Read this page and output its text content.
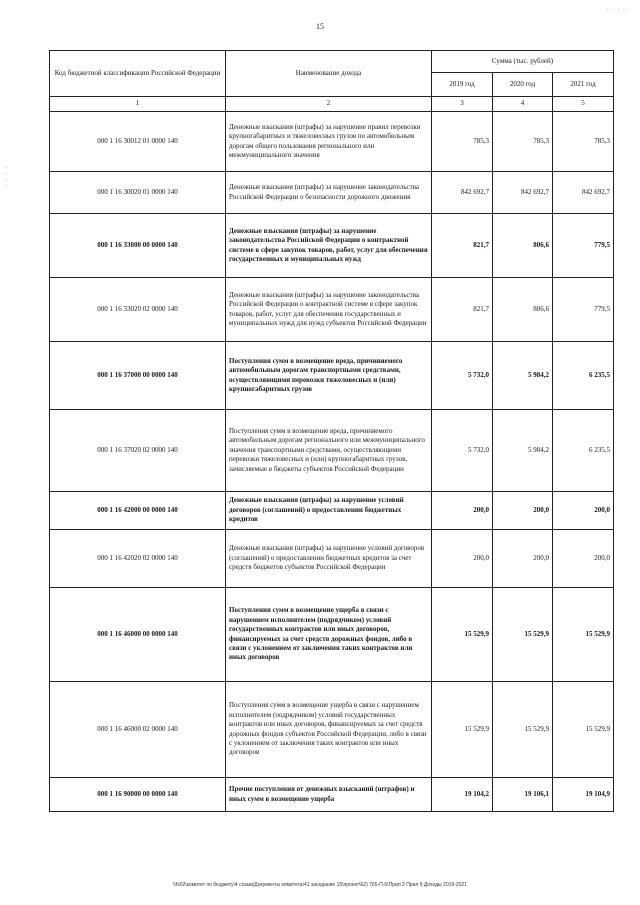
. . . .
·
·
·
·
15
Код бюджетной классификации Российской Федерации	Наименование дохода	Сумма (тыс. рублей)		
		2019 год	2020 год	2021 год
1	2	3	4	5
000 1 16 30012 01 0000 140	Денежные взыскания (штрафы) за нарушение правил перевозки крупногабаритных и тяжеловесных грузов по автомобильным дорогам общего пользования регионального или межмуниципального значения	785,3	785,3	785,3
000 1 16 30020 01 0000 140	Денежные взыскания (штрафы) за нарушение законодательства Российской Федерации о безопасности дорожного движения	842 692,7	842 692,7	842 692,7
000 1 16 33000 00 0000 140	Денежные взыскания (штрафы) за нарушение законодательства Российской Федерации о контрактной системе в сфере закупок товаров, работ, услуг для обеспечения государственных и муниципальных нужд	821,7	806,6	779,5
000 1 16 33020 02 0000 140	Денежные взыскания (штрафы) за нарушение законодательства Российской Федерации о контрактной системе в сфере закупок товаров, работ, услуг для обеспечения государственных и муниципальных нужд для нужд субъектов Российской Федерации	821,7	806,6	779,5
000 1 16 37000 00 0000 140	Поступления сумм в возмещение вреда, причиняемого автомобильным дорогам транспортными средствами, осуществляющими перевозки тяжеловесных и (или) крупногабаритных грузов	5 732,0	5 984,2	6 235,5
000 1 16 37020 02 0000 140	Поступления сумм в возмещение вреда, причиняемого автомобильным дорогам регионального или межмуниципального значения транспортными средствами, осуществляющими перевозки тяжеловесных и (или) крупногабаритных грузов, зачисляемые в бюджеты субъектов Российской Федерации	5 732,0	5 984,2	6 235,5
000 1 16 42000 00 0000 140	Денежные взыскания (штрафы) за нарушение условий договоров (соглашений) о предоставлении бюджетных кредитов	200,0	200,0	200,0
000 1 16 42020 02 0000 140	Денежные взыскания (штрафы) за нарушение условий договоров (соглашений) о предоставлении бюджетных кредитов за счет средств бюджетов субъектов Российской Федерации	200,0	200,0	200,0
000 1 16 46000 00 0000 140	Поступления сумм в возмещение ущерба в связи с нарушением исполнителем (подрядчиком) условий государственных контрактов или иных договоров, финансируемых за счет средств дорожных фондов, либо в связи с уклонением от заключения таких контрактов или иных договоров	15 529,9	15 529,9	15 529,9
000 1 16 46000 02 0000 140	Поступления сумм в возмещение ущерба в связи с нарушением исполнителем (подрядчиком) условий государственных контрактов или иных договоров, финансируемых за счет средств дорожных фондов субъектов Российской Федерации, либо в связи с уклонением от заключения таких контрактов или иных договоров	15 529,9	15 529,9	15 529,9
000 1 16 90000 00 0000 140	Прочие поступления от денежных взысканий (штрафов) и иных сумм в возмещение ущерба	19 104,2	19 106,1	19 104,9
\\fs02\комитет по бюджету\4 созыв\Документы комитета\41 заседание 15\проект\62) 765-П-6\Прил 2 Прил 9 Доходы 2019-2021
